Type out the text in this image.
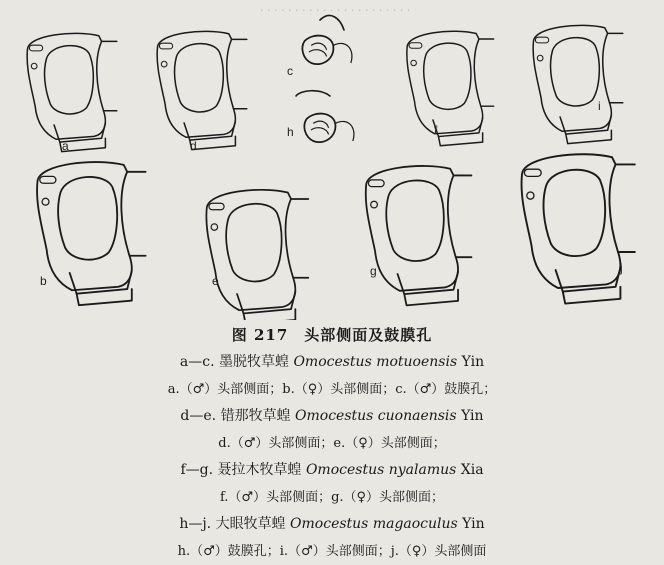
· · · · · · · · · · · · · · · · · · · · · ·
a	d
c
h	f
i
b	e
g	j
图 217　头部侧面及鼓膜孔
a—c. 墨脱牧草蝗 Omocestus motuoensis Yin
a.（♂）头部侧面；b.（♀）头部侧面；c.（♂）鼓膜孔；
d—e. 错那牧草蝗 Omocestus cuonaensis Yin
d.（♂）头部侧面；e.（♀）头部侧面；
f—g. 聂拉木牧草蝗 Omocestus nyalamus Xia
f.（♂）头部侧面；g.（♀）头部侧面；
h—j. 大眼牧草蝗 Omocestus magaoculus Yin
h.（♂）鼓膜孔；i.（♂）头部侧面；j.（♀）头部侧面
